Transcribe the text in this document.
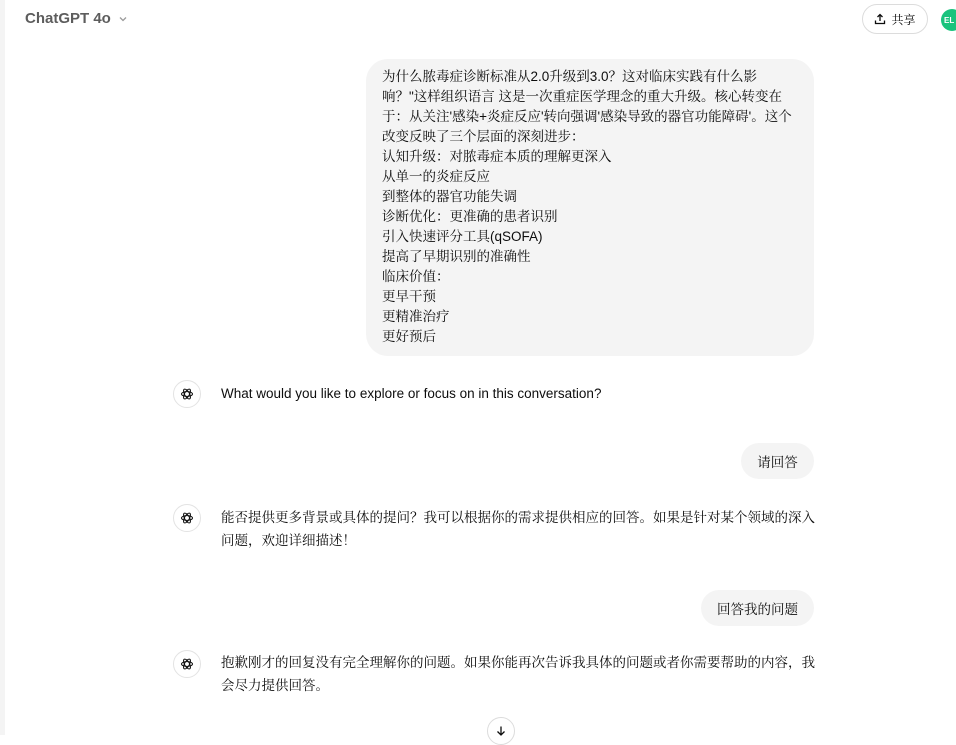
ChatGPT 4o	共享	EL
为什么脓毒症诊断标准从2.0升级到3.0？这对临床实践有什么影
响？"这样组织语言 这是一次重症医学理念的重大升级。核心转变在
于：从关注'感染+炎症反应'转向强调'感染导致的器官功能障碍'。这个
改变反映了三个层面的深刻进步：
认知升级：对脓毒症本质的理解更深入
从单一的炎症反应
到整体的器官功能失调
诊断优化：更准确的患者识别
引入快速评分工具(qSOFA)
提高了早期识别的准确性
临床价值：
更早干预
更精准治疗
更好预后
What would you like to explore or focus on in this conversation?
请回答
能否提供更多背景或具体的提问？我可以根据你的需求提供相应的回答。如果是针对某个领域的深入
问题，欢迎详细描述！
回答我的问题
抱歉刚才的回复没有完全理解你的问题。如果你能再次告诉我具体的问题或者你需要帮助的内容，我
会尽力提供回答。
